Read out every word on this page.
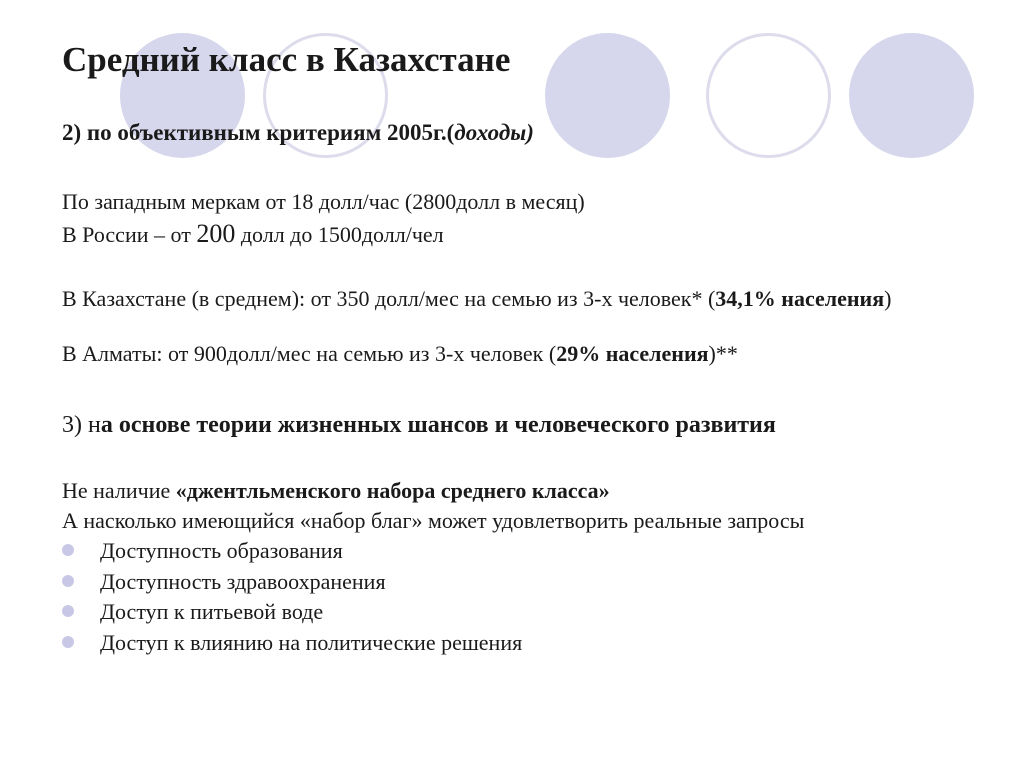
Средний класс в Казахстане
2) по объективным критериям 2005г.(доходы)
По западным меркам от 18 долл/час (2800долл в месяц)
В России – от 200 долл до 1500долл/чел
В Казахстане (в среднем): от 350 долл/мес на семью из 3-х человек* (34,1% населения)
В Алматы: от 900долл/мес на семью из 3-х человек (29% населения)**
3) на основе теории жизненных шансов и человеческого развития
Не наличие «джентльменского набора среднего класса»
А насколько имеющийся «набор благ» может удовлетворить реальные запросы
Доступность образования
Доступность здравоохранения
Доступ к питьевой воде
Доступ к влиянию на политические решения
